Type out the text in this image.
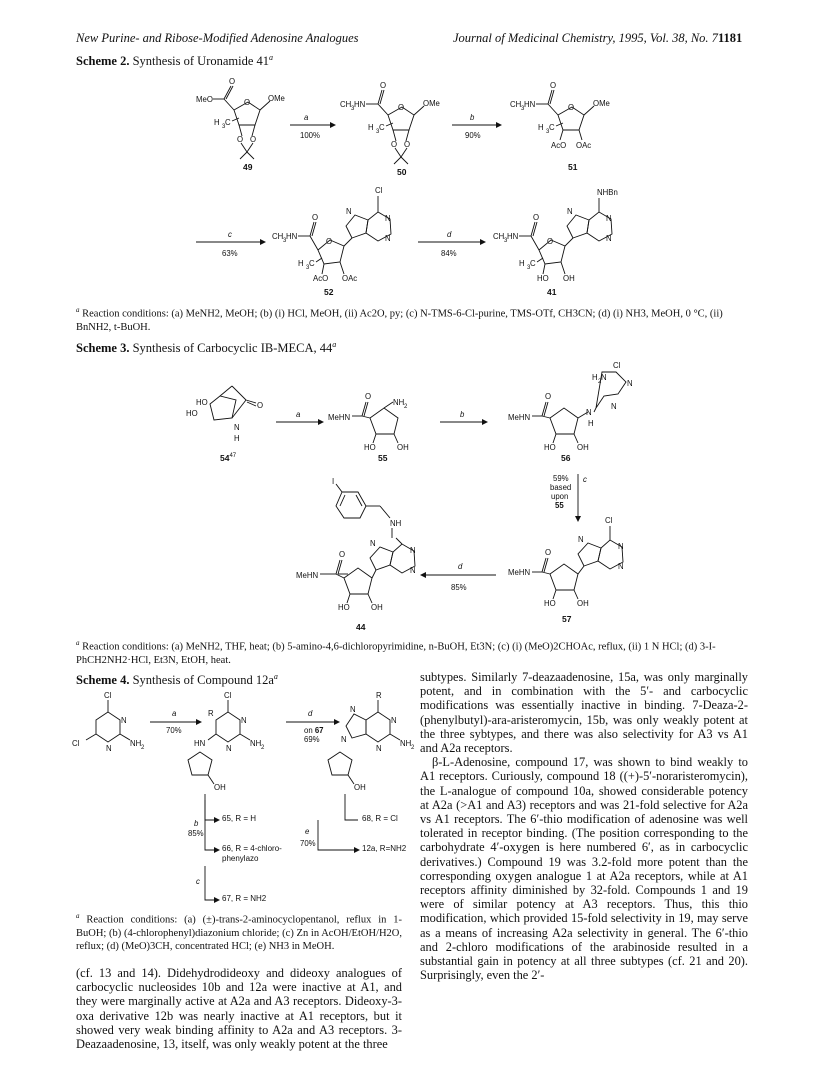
New Purine- and Ribose-Modified Adenosine Analogues	Journal of Medicinal Chemistry, 1995, Vol. 38, No. 7 1181
Scheme 2. Synthesis of Uronamide 41$^a$
MeO
O
O OMe
H 3 C
O O
49
a
100%
CH 3 HN
O
O OMe
H 3 C
O O
50
b
90%
CH 3 HN
O
O OMe
H 3 C
AcO OAc
51
c
63%
CH 3 HN
O
O
H 3 C
AcO OAc
N
N
N
Cl
52
d
84%
CH 3 HN
O
O
H 3 C
HO OH
N
N
N
NHBn
41
HO
HO
O
N
H
$54^{47}$
a	MeHN
O
NH 2
HO	OH
55
b	MeHN
O
N
H
Cl
H 2 N
N
N
HO	OH
56
c
59%
based
upon
55
MeHN
O
N
N
N
Cl
HO	OH
57
d
85%
I
NH
MeHN
O
N
N
N
HO	OH
44
Cl
N
N
Cl	NH 2
a
70%
Cl
R
N
N
HN	NH 2
OH
d
on 67
69%
R
N
N
N
N	NH 2
OH
b
85%
c
e
70%
65, R = H
66, R = 4-chloro-phenylazo
67, R = NH2
68, R = Cl
12a, R=NH2
$^a$ Reaction conditions: (a) MeNH2, MeOH; (b) (i) HCl, MeOH, (ii) Ac2O, py; (c) N-TMS-6-Cl-purine, TMS-OTf, CH3CN; (d) (i) NH3, MeOH, 0 °C, (ii) BnNH2, t-BuOH.
Scheme 3. Synthesis of Carbocyclic IB-MECA, 44$^a$
$^a$ Reaction conditions: (a) MeNH2, THF, heat; (b) 5-amino-4,6-dichloropyrimidine, n-BuOH, Et3N; (c) (i) (MeO)2CHOAc, reflux, (ii) 1 N HCl; (d) 3-I-PhCH2NH2·HCl, Et3N, EtOH, heat.
Scheme 4. Synthesis of Compound $12a^a$
$^a$ Reaction conditions: (a) (±)-trans-2-aminocyclopentanol, reflux in 1-BuOH; (b) (4-chlorophenyl)diazonium chloride; (c) Zn in AcOH/EtOH/H2O, reflux; (d) (MeO)3CH, concentrated HCl; (e) NH3 in MeOH.

(cf. 13 and 14). Didehydrodideoxy and dideoxy analogues of carbocyclic nucleosides 10b and 12a were inactive at A1, and they were marginally active at A2a and A3 receptors. Dideoxy-3-oxa derivative 12b was nearly inactive at A1 receptors, but it showed very weak binding affinity to A2a and A3 receptors. 3-Deazaadenosine, 13, itself, was only weakly potent at the three

subtypes. Similarly 7-deazaadenosine, 15a, was only marginally potent, and in combination with the 5′- and carbocyclic modifications was essentially inactive in binding. 7-Deaza-2-(phenylbutyl)-ara-aristeromycin, 15b, was only weakly potent at the three sybtypes, and there was also selectivity for A3 vs A1 and A2a receptors.

β-L-Adenosine, compound 17, was shown to bind weakly to A1 receptors. Curiously, compound 18 ((+)-5′-noraristeromycin), the L-analogue of compound 10a, showed considerable potency at A2a (>A1 and A3) receptors and was 21-fold selective for A2a vs A1 receptors. The 6′-thio modification of adenosine was well tolerated in receptor binding. (The position corresponding to the carbohydrate 4′-oxygen is here numbered 6′, as in carbocyclic derivatives.) Compound 19 was 3.2-fold more potent than the corresponding oxygen analogue 1 at A2a receptors, while at A1 receptors affinity diminished by 32-fold. Compounds 1 and 19 were of similar potency at A3 receptors. Thus, this thio modification, which provided 15-fold selectivity in 19, may serve as a means of increasing A2a selectivity in general. The 6′-thio and 2-chloro modifications of the arabinoside resulted in a substantial gain in potency at all three subtypes (cf. 21 and 20). Surprisingly, even the 2′-
